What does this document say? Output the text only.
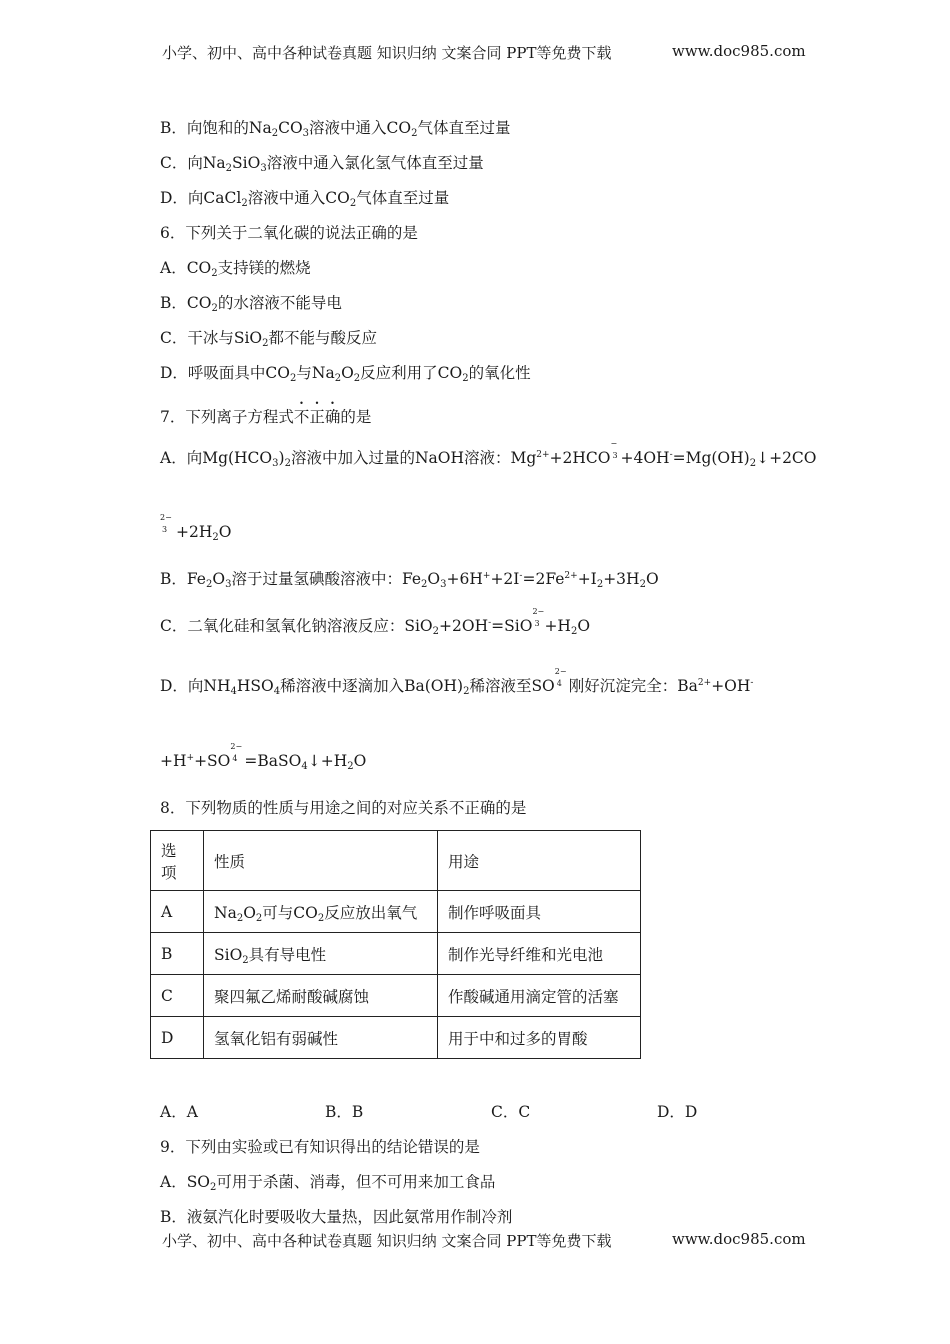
小学、初中、高中各种试卷真题 知识归纳 文案合同 PPT等免费下载	www.doc985.com
B．向饱和的$Na_2CO_3$溶液中通入$CO_2$气体直至过量
C．向$Na_2SiO_3$溶液中通入氯化氢气体直至过量
D．向CaCl$_2$溶液中通入$CO_2$气体直至过量
6．下列关于二氧化碳的说法正确的是
A．$CO_2$支持镁的燃烧
B．$CO_2$的水溶液不能导电
C．干冰与SiO$_2$都不能与酸反应
D．呼吸面具中$CO_2$与$Na_2O_2$反应利用了$CO_2$的氧化性
7．下列离子方程式不正确的是
A．向$Mg(HCO_3)_2$溶液中加入过量的NaOH溶液：$Mg^{2+}+2HCO$
−
$3 +4OH^-=Mg(OH)_2↓+2CO$
2−
$3 +2H_2O$
B．$Fe_2O_3$溶于过量氢碘酸溶液中：$Fe_2O_3+6H^++2I^-=2Fe^{2+}+I_2+3H_2O$
C．二氧化硅和氢氧化钠溶液反应：SiO$_2$+2OH-=SiO
2−
$3 +H_2O$
D．向$NH_4HSO_4$稀溶液中逐滴加入$Ba(OH)_2$稀溶液至SO
2−
4 刚好沉淀完全：$Ba^{2+}+OH^-$
+H++SO
2−
$4 =BaSO_4↓+H_2O$
8．下列物质的性质与用途之间的对应关系不正确的是
选
项	性质	用途
A	$Na_2O_2$可与$CO_2$反应放出氧气	制作呼吸面具
B	SiO$_2$具有导电性	制作光导纤维和光电池
C	聚四氟乙烯耐酸碱腐蚀	作酸碱通用滴定管的活塞
D	氢氧化铝有弱碱性	用于中和过多的胃酸
A．A	B．B	C．C	D．D
9．下列由实验或已有知识得出的结论错误的是
A．$SO_2$可用于杀菌、消毒，但不可用来加工食品
B．液氨汽化时要吸收大量热，因此氨常用作制冷剂
小学、初中、高中各种试卷真题 知识归纳 文案合同 PPT等免费下载	www.doc985.com
